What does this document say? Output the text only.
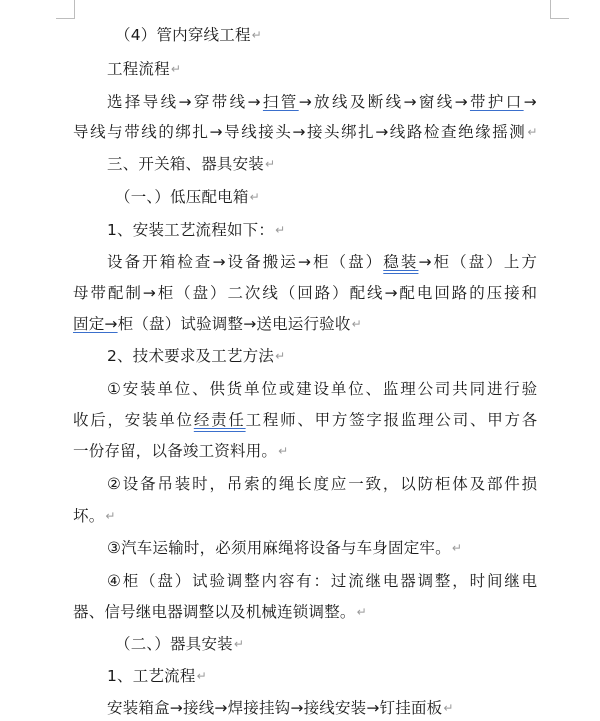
（4）管内穿线工程↵
工程流程↵
选择导线→穿带线→扫管→放线及断线→窗线→带护口→
导线与带线的绑扎→导线接头→接头绑扎→线路检查绝缘摇测↵
三、开关箱、器具安装↵
（一、）低压配电箱↵
1、安装工艺流程如下：↵
设备开箱检查→设备搬运→柜（盘）稳装→柜（盘）上方
母带配制→柜（盘）二次线（回路）配线→配电回路的压接和
固定→柜（盘）试验调整→送电运行验收↵
2、技术要求及工艺方法↵
①安装单位、供货单位或建设单位、监理公司共同进行验
收后，安装单位经责任工程师、甲方签字报监理公司、甲方各
一份存留，以备竣工资料用。↵
②设备吊装时，吊索的绳长度应一致，以防柜体及部件损
坏。↵
③汽车运输时，必须用麻绳将设备与车身固定牢。↵
④柜（盘）试验调整内容有：过流继电器调整，时间继电
器、信号继电器调整以及机械连锁调整。↵
（二、）器具安装↵
1、工艺流程↵
安装箱盒→接线→焊接挂钩→接线安装→钉挂面板↵
